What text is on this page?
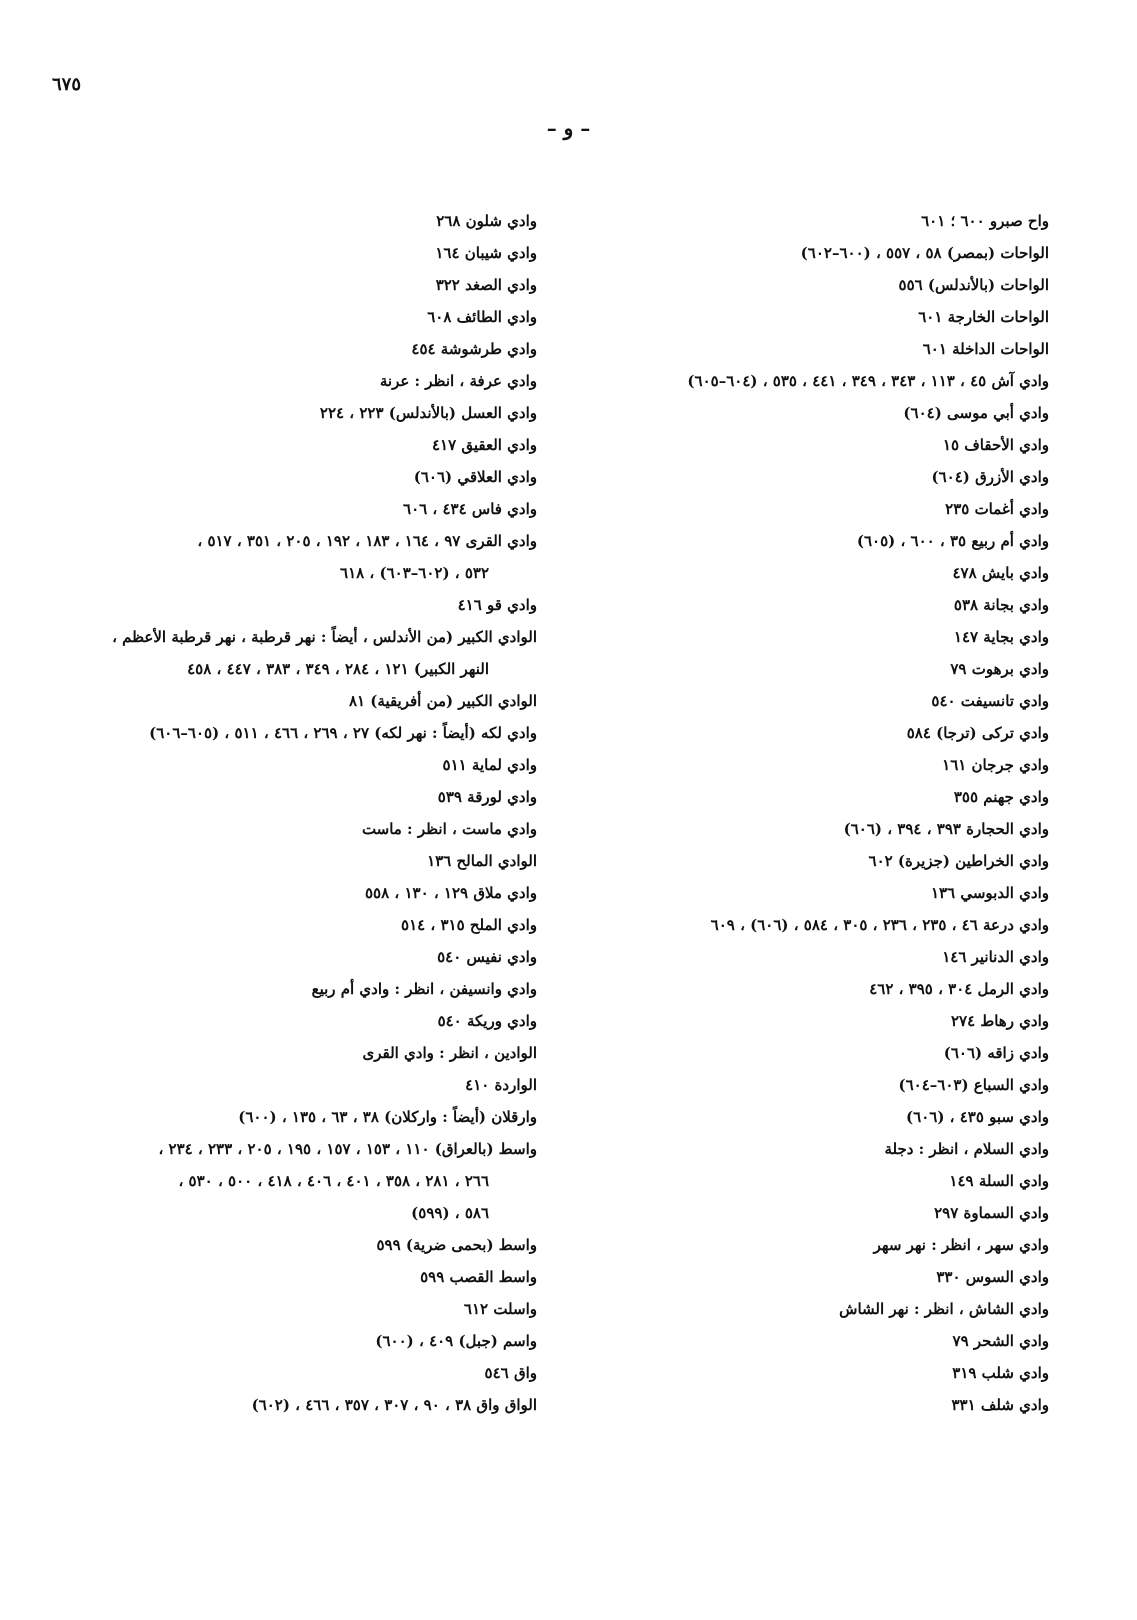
٦٧٥
– و –
واح صبرو ٦٠٠ ؛ ٦٠١
الواحات (بمصر) ٥٨ ، ٥٥٧ ، (٦٠٠–٦٠٢)
الواحات (بالأندلس) ٥٥٦
الواحات الخارجة ٦٠١
الواحات الداخلة ٦٠١
وادي آش ٤٥ ، ١١٣ ، ٣٤٣ ، ٣٤٩ ، ٤٤١ ، ٥٣٥ ، (٦٠٤–٦٠٥)
وادي أبي موسى (٦٠٤)
وادي الأحقاف ١٥
وادي الأزرق (٦٠٤)
وادي أغمات ٢٣٥
وادي أم ربيع ٣٥ ، ٦٠٠ ، (٦٠٥)
وادي بايش ٤٧٨
وادي بجانة ٥٣٨
وادي بجاية ١٤٧
وادي برهوت ٧٩
وادي تانسيفت ٥٤٠
وادي تركى (ترجا) ٥٨٤
وادي جرجان ١٦١
وادي جهنم ٣٥٥
وادي الحجارة ٣٩٣ ، ٣٩٤ ، (٦٠٦)
وادي الخراطين (جزيرة) ٦٠٢
وادي الدبوسي ١٣٦
وادي درعة ٤٦ ، ٢٣٥ ، ٢٣٦ ، ٣٠٥ ، ٥٨٤ ، (٦٠٦) ، ٦٠٩
وادي الدنانير ١٤٦
وادي الرمل ٣٠٤ ، ٣٩٥ ، ٤٦٢
وادي رهاط ٢٧٤
وادي زاقه (٦٠٦)
وادي السباع (٦٠٣–٦٠٤)
وادي سبو ٤٣٥ ، (٦٠٦)
وادي السلام ، انظر : دجلة
وادي السلة ١٤٩
وادي السماوة ٢٩٧
وادي سهر ، انظر : نهر سهر
وادي السوس ٣٣٠
وادي الشاش ، انظر : نهر الشاش
وادي الشحر ٧٩
وادي شلب ٣١٩
وادي شلف ٣٣١
وادي شلون ٢٦٨
وادي شيبان ١٦٤
وادي الصغد ٣٢٢
وادي الطائف ٦٠٨
وادي طرشوشة ٤٥٤
وادي عرفة ، انظر : عرنة
وادي العسل (بالأندلس) ٢٢٣ ، ٢٢٤
وادي العقيق ٤١٧
وادي العلاقي (٦٠٦)
وادي فاس ٤٣٤ ، ٦٠٦
وادي القرى ٩٧ ، ١٦٤ ، ١٨٣ ، ١٩٢ ، ٢٠٥ ، ٣٥١ ، ٥١٧ ،
٥٣٢ ، (٦٠٢–٦٠٣) ، ٦١٨
وادي قو ٤١٦
الوادي الكبير (من الأندلس ، أيضاً : نهر قرطبة ، نهر قرطبة الأعظم ،
النهر الكبير) ١٢١ ، ٢٨٤ ، ٣٤٩ ، ٣٨٣ ، ٤٤٧ ، ٤٥٨
الوادي الكبير (من أفريقية) ٨١
وادي لكه (أيضاً : نهر لكه) ٢٧ ، ٢٦٩ ، ٤٦٦ ، ٥١١ ، (٦٠٥–٦٠٦)
وادي لماية ٥١١
وادي لورقة ٥٣٩
وادي ماست ، انظر : ماست
الوادي المالح ١٣٦
وادي ملاق ١٢٩ ، ١٣٠ ، ٥٥٨
وادي الملح ٣١٥ ، ٥١٤
وادي نفيس ٥٤٠
وادي وانسيفن ، انظر : وادي أم ربيع
وادي وريكة ٥٤٠
الوادين ، انظر : وادي القرى
الواردة ٤١٠
وارقلان (أيضاً : واركلان) ٣٨ ، ٦٣ ، ١٣٥ ، (٦٠٠)
واسط (بالعراق) ١١٠ ، ١٥٣ ، ١٥٧ ، ١٩٥ ، ٢٠٥ ، ٢٣٣ ، ٢٣٤ ،
٢٦٦ ، ٢٨١ ، ٣٥٨ ، ٤٠١ ، ٤٠٦ ، ٤١٨ ، ٥٠٠ ، ٥٣٠ ،
٥٨٦ ، (٥٩٩)
واسط (بحمى ضرية) ٥٩٩
واسط القصب ٥٩٩
واسلت ٦١٢
واسم (جبل) ٤٠٩ ، (٦٠٠)
واق ٥٤٦
الواق واق ٣٨ ، ٩٠ ، ٣٠٧ ، ٣٥٧ ، ٤٦٦ ، (٦٠٢)
